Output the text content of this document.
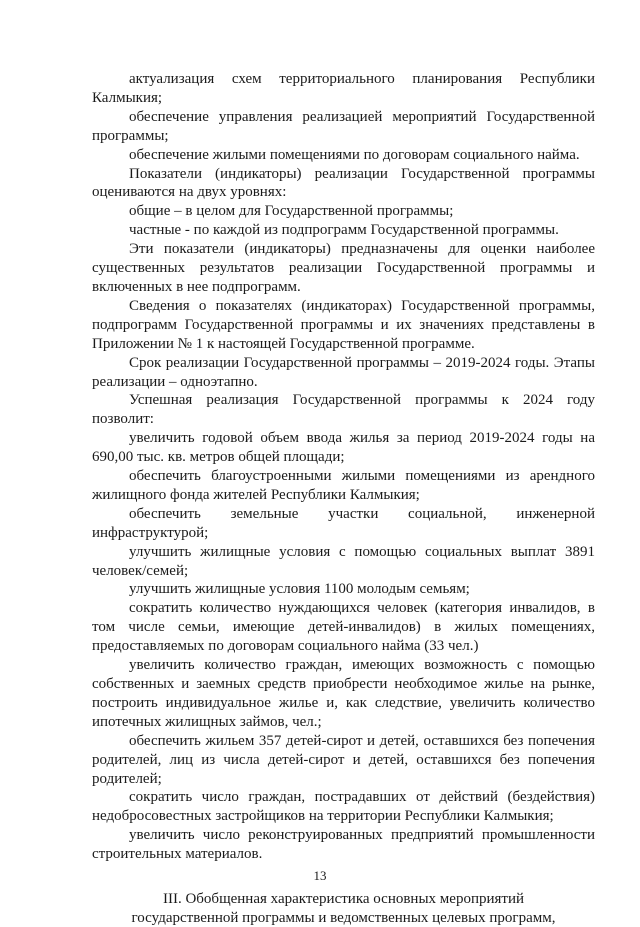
актуализация схем территориального планирования Республики Калмыкия;

обеспечение управления реализацией мероприятий Государственной программы;

обеспечение жилыми помещениями по договорам социального найма.

Показатели (индикаторы) реализации Государственной программы оцениваются на двух уровнях:

общие – в целом для Государственной программы;

частные - по каждой из подпрограмм Государственной программы.

Эти показатели (индикаторы) предназначены для оценки наиболее существенных результатов реализации Государственной программы и включенных в нее подпрограмм.

Сведения о показателях (индикаторах) Государственной программы, подпрограмм Государственной программы и их значениях представлены в Приложении № 1 к настоящей Государственной программе.

Срок реализации Государственной программы – 2019-2024 годы. Этапы реализации – одноэтапно.

Успешная реализация Государственной программы к 2024 году позволит:

увеличить годовой объем ввода жилья за период 2019-2024 годы на 690,00 тыс. кв. метров общей площади;

обеспечить благоустроенными жилыми помещениями из арендного жилищного фонда жителей Республики Калмыкия;

обеспечить земельные участки социальной, инженерной инфраструктурой;

улучшить жилищные условия с помощью социальных выплат 3891 человек/семей;

улучшить жилищные условия 1100 молодым семьям;

сократить количество нуждающихся человек (категория инвалидов, в том числе семьи, имеющие детей-инвалидов) в жилых помещениях, предоставляемых по договорам социального найма (33 чел.)

увеличить количество граждан, имеющих возможность с помощью собственных и заемных средств приобрести необходимое жилье на рынке, построить индивидуальное жилье и, как следствие, увеличить количество ипотечных жилищных займов, чел.;

обеспечить жильем 357 детей-сирот и детей, оставшихся без попечения родителей, лиц из числа детей-сирот и детей, оставшихся без попечения родителей;

сократить число граждан, пострадавших от действий (бездействия) недобросовестных застройщиков на территории Республики Калмыкия;

увеличить число реконструированных предприятий промышленности строительных материалов.

III. Обобщенная характеристика основных мероприятий
государственной программы и ведомственных целевых программ,

13
